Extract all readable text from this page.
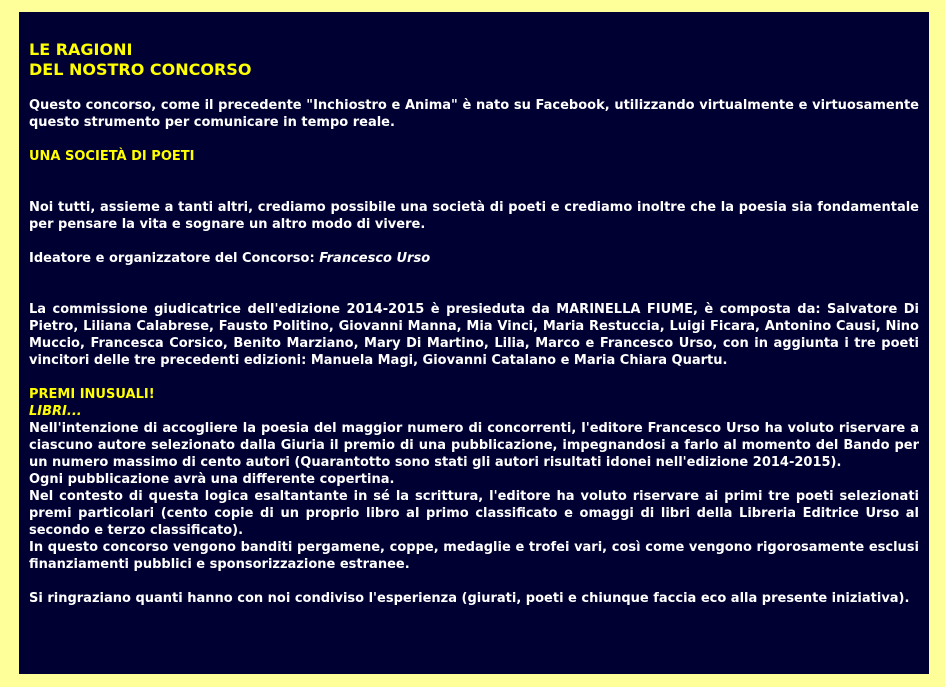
LE RAGIONI
DEL NOSTRO CONCORSO

Questo concorso, come il precedente "Inchiostro e Anima" è nato su Facebook, utilizzando virtualmente e virtuosamente questo strumento per comunicare in tempo reale.

UNA SOCIETÀ DI POETI

Noi tutti, assieme a tanti altri, crediamo possibile una società di poeti e crediamo inoltre che la poesia sia fondamentale per pensare la vita e sognare un altro modo di vivere.

Ideatore e organizzatore del Concorso: Francesco Urso

La commissione giudicatrice dell'edizione 2014-2015 è presieduta da MARINELLA FIUME, è composta da: Salvatore Di Pietro, Liliana Calabrese, Fausto Politino, Giovanni Manna, Mia Vinci, Maria Restuccia, Luigi Ficara, Antonino Causi, Nino Muccio, Francesca Corsico, Benito Marziano, Mary Di Martino, Lilia, Marco e Francesco Urso, con in aggiunta i tre poeti vincitori delle tre precedenti edizioni: Manuela Magi, Giovanni Catalano e Maria Chiara Quartu.

PREMI INUSUALI!

LIBRI...

Nell'intenzione di accogliere la poesia del maggior numero di concorrenti, l'editore Francesco Urso ha voluto riservare a ciascuno autore selezionato dalla Giuria il premio di una pubblicazione, impegnandosi a farlo al momento del Bando per un numero massimo di cento autori (Quarantotto sono stati gli autori risultati idonei nell'edizione 2014-2015).

Ogni pubblicazione avrà una differente copertina.

Nel contesto di questa logica esaltantante in sé la scrittura, l'editore ha voluto riservare ai primi tre poeti selezionati premi particolari (cento copie di un proprio libro al primo classificato e omaggi di libri della Libreria Editrice Urso al secondo e terzo classificato).

In questo concorso vengono banditi pergamene, coppe, medaglie e trofei vari, così come vengono rigorosamente esclusi finanziamenti pubblici e sponsorizzazione estranee.

Si ringraziano quanti hanno con noi condiviso l'esperienza (giurati, poeti e chiunque faccia eco alla presente iniziativa).
